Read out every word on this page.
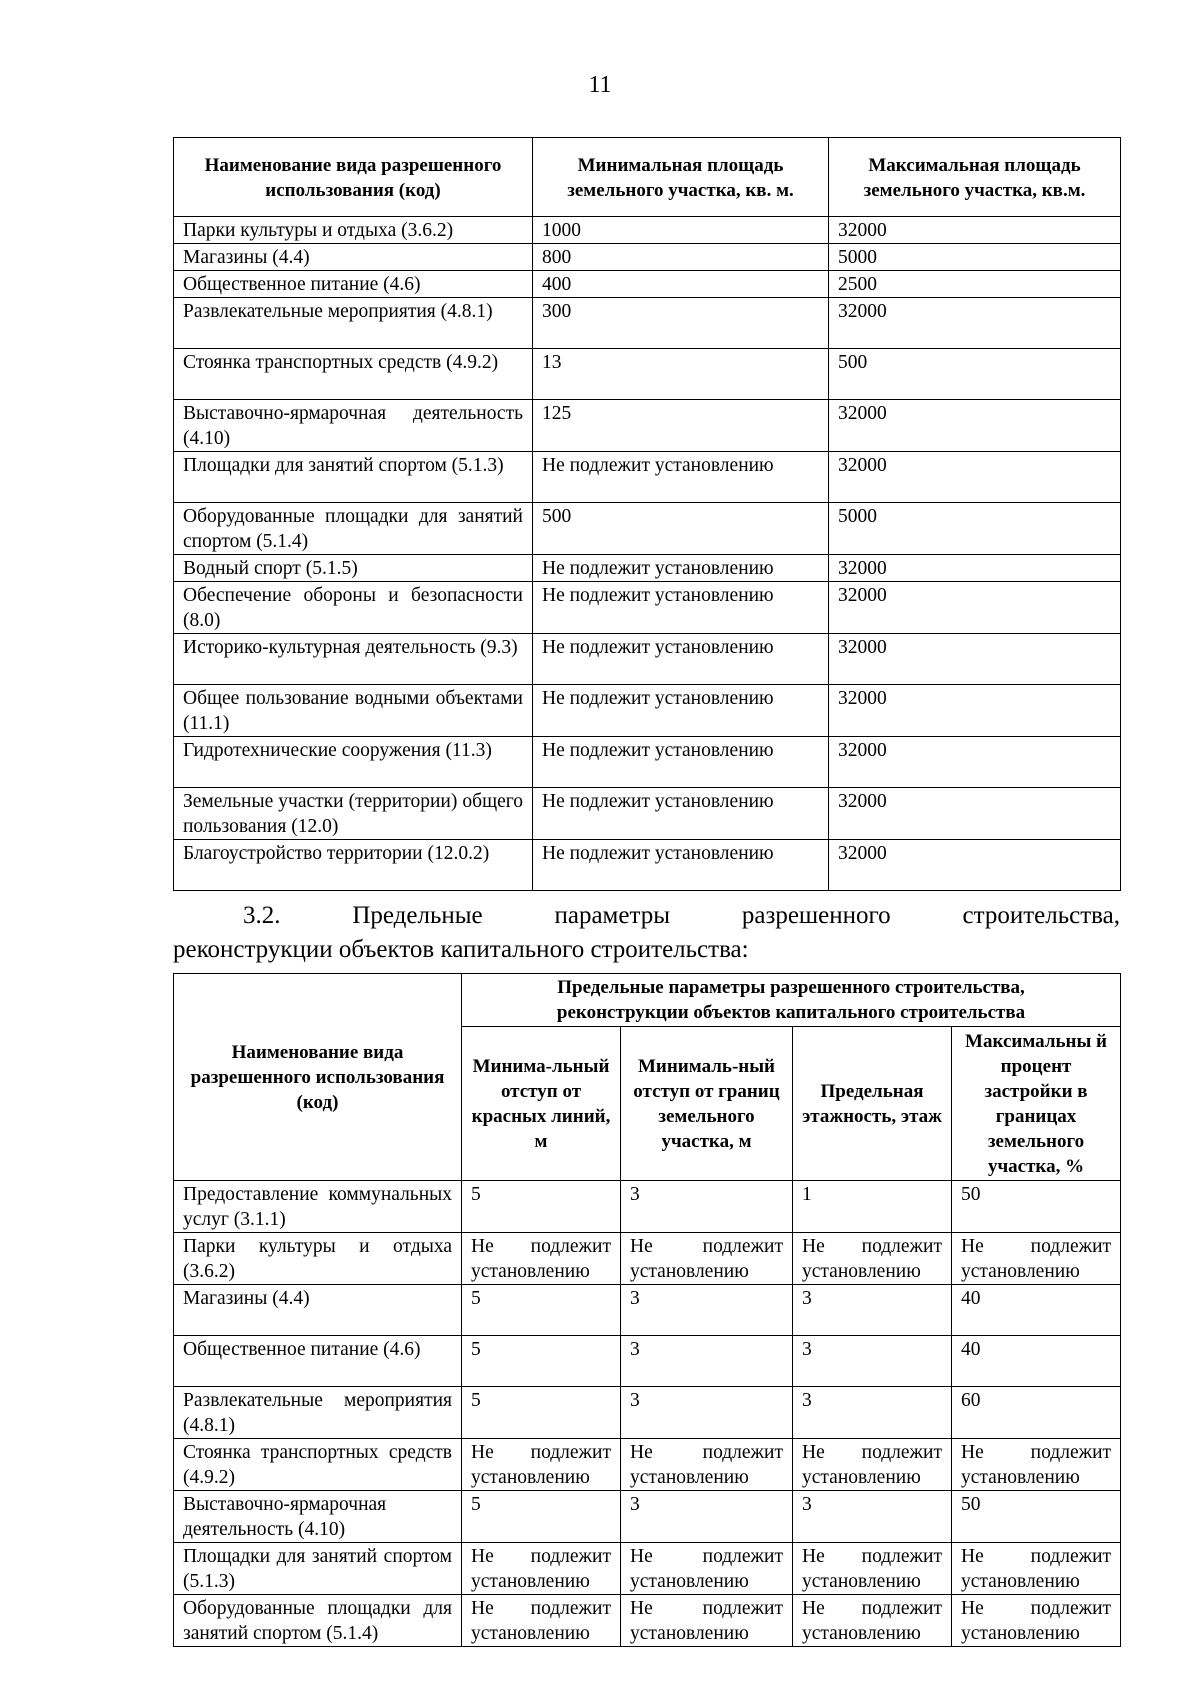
11
Наименование вида разрешенного использования (код)	Минимальная площадь земельного участка, кв. м.	Максимальная площадь земельного участка, кв.м.
Парки культуры и отдыха (3.6.2)	1000	32000
Магазины (4.4)	800	5000
Общественное питание (4.6)	400	2500
Развлекательные мероприятия (4.8.1)	300	32000
Стоянка транспортных средств (4.9.2)	13	500
Выставочно-ярмарочная деятельность (4.10)	125	32000
Площадки для занятий спортом (5.1.3)	Не подлежит установлению	32000
Оборудованные площадки для занятий спортом (5.1.4)	500	5000
Водный спорт (5.1.5)	Не подлежит установлению	32000
Обеспечение обороны и безопасности (8.0)	Не подлежит установлению	32000
Историко-культурная деятельность (9.3)	Не подлежит установлению	32000
Общее пользование водными объектами (11.1)	Не подлежит установлению	32000
Гидротехнические сооружения (11.3)	Не подлежит установлению	32000
Земельные участки (территории) общего пользования (12.0)	Не подлежит установлению	32000
Благоустройство территории (12.0.2)	Не подлежит установлению	32000
3.2.	Предельные	параметры	разрешенного	строительства,
реконструкции объектов капитального строительства:
Наименование вида разрешенного использования (код)	Предельные параметры разрешенного строительства, реконструкции объектов капитального строительства			
	Минима-льный отступ от красных линий, м	Минималь-ный отступ от границ земельного участка, м	Предельная этажность, этаж	Максимальны й процент застройки в границах земельного участка, %
Предоставление коммунальных услуг (3.1.1)	5	3	1	50
Парки культуры и отдыха (3.6.2)	Не подлежит установлению	Не подлежит установлению	Не подлежит установлению	Не подлежит установлению
Магазины (4.4)	5	3	3	40
Общественное питание (4.6)	5	3	3	40
Развлекательные мероприятия (4.8.1)	5	3	3	60
Стоянка транспортных средств (4.9.2)	Не подлежит установлению	Не подлежит установлению	Не подлежит установлению	Не подлежит установлению
Выставочно-ярмарочная деятельность (4.10)	5	3	3	50
Площадки для занятий спортом (5.1.3)	Не подлежит установлению	Не подлежит установлению	Не подлежит установлению	Не подлежит установлению
Оборудованные площадки для занятий спортом (5.1.4)	Не подлежит установлению	Не подлежит установлению	Не подлежит установлению	Не подлежит установлению
